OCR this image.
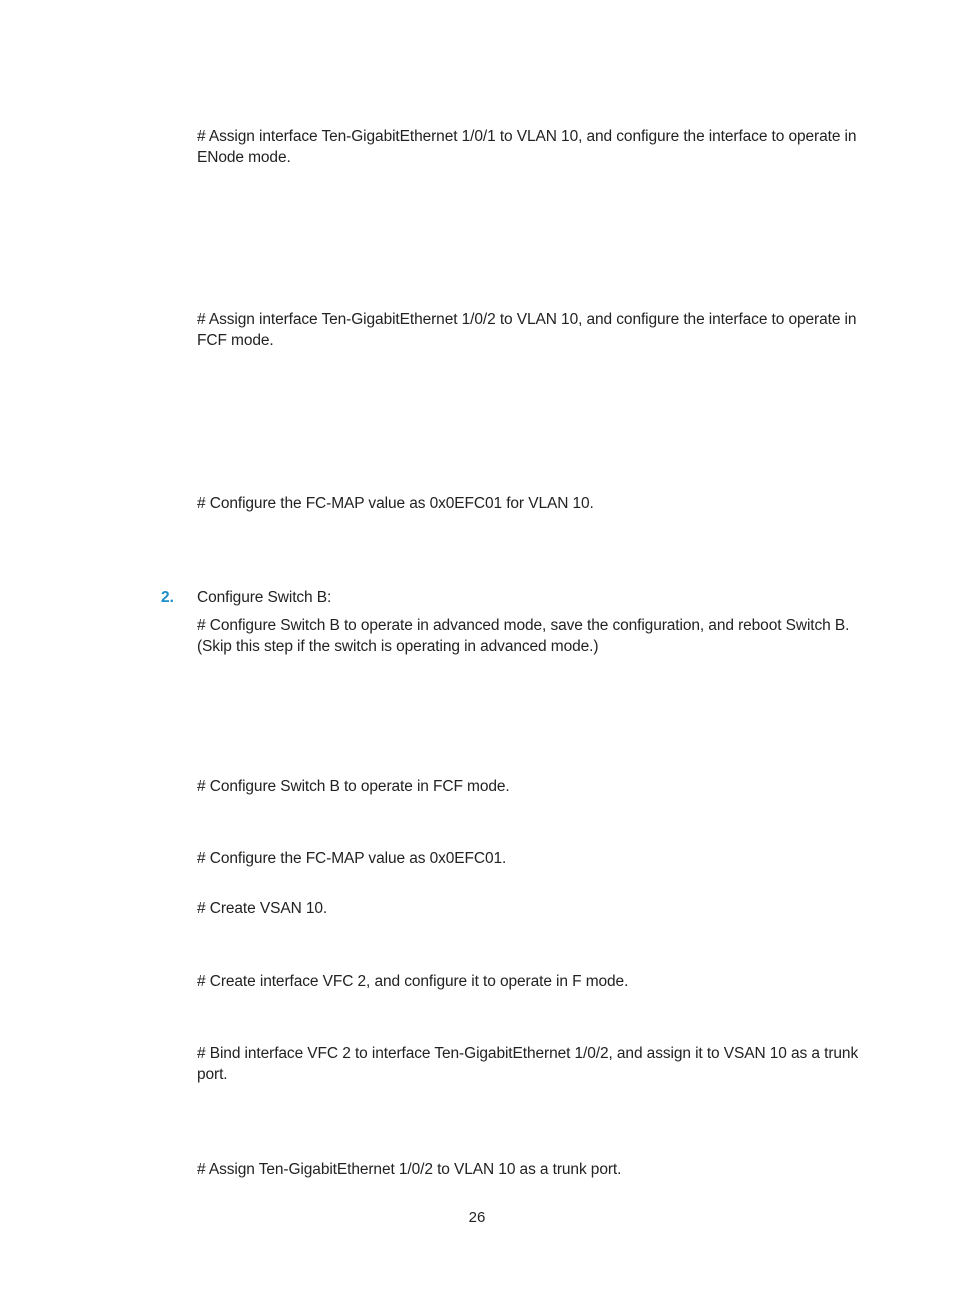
# Assign interface Ten-GigabitEthernet 1/0/1 to VLAN 10, and configure the interface to operate in ENode mode.

# Assign interface Ten-GigabitEthernet 1/0/2 to VLAN 10, and configure the interface to operate in FCF mode.

# Configure the FC-MAP value as 0x0EFC01 for VLAN 10.

2. Configure Switch B:

# Configure Switch B to operate in advanced mode, save the configuration, and reboot Switch B. (Skip this step if the switch is operating in advanced mode.)

# Configure Switch B to operate in FCF mode.

# Configure the FC-MAP value as 0x0EFC01.

# Create VSAN 10.

# Create interface VFC 2, and configure it to operate in F mode.

# Bind interface VFC 2 to interface Ten-GigabitEthernet 1/0/2, and assign it to VSAN 10 as a trunk port.

# Assign Ten-GigabitEthernet 1/0/2 to VLAN 10 as a trunk port.

26
